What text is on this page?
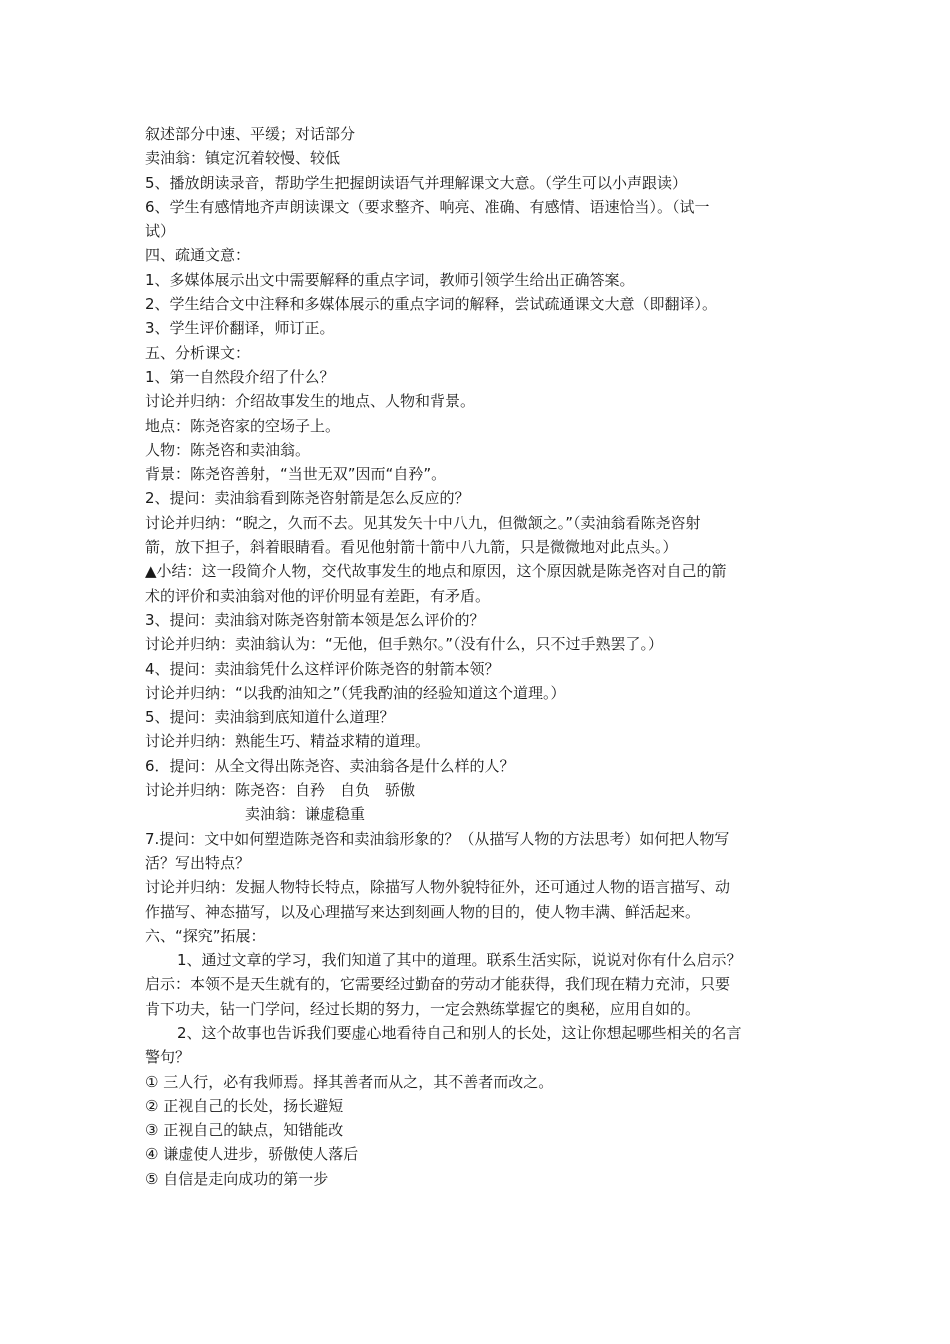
叙述部分中速、平缓；对话部分
卖油翁：镇定沉着较慢、较低
5、播放朗读录音，帮助学生把握朗读语气并理解课文大意。（学生可以小声跟读）
6、学生有感情地齐声朗读课文（要求整齐、响亮、准确、有感情、语速恰当）。（试一
试）
四、疏通文意：
1、多媒体展示出文中需要解释的重点字词，教师引领学生给出正确答案。
2、学生结合文中注释和多媒体展示的重点字词的解释，尝试疏通课文大意（即翻译）。
3、学生评价翻译，师订正。
五、分析课文：
1、第一自然段介绍了什么？
讨论并归纳：介绍故事发生的地点、人物和背景。
地点：陈尧咨家的空场子上。
人物：陈尧咨和卖油翁。
背景：陈尧咨善射，“当世无双”因而“自矜”。
2、提问：卖油翁看到陈尧咨射箭是怎么反应的？
讨论并归纳：“睨之，久而不去。见其发矢十中八九，但微颔之。”（卖油翁看陈尧咨射
箭，放下担子，斜着眼睛看。看见他射箭十箭中八九箭，只是微微地对此点头。）
▲小结：这一段简介人物，交代故事发生的地点和原因，这个原因就是陈尧咨对自己的箭
术的评价和卖油翁对他的评价明显有差距，有矛盾。
3、提问：卖油翁对陈尧咨射箭本领是怎么评价的？
讨论并归纳：卖油翁认为：“无他，但手熟尔。”（没有什么，只不过手熟罢了。）
4、提问：卖油翁凭什么这样评价陈尧咨的射箭本领？
讨论并归纳：“以我酌油知之”（凭我酌油的经验知道这个道理。）
5、提问：卖油翁到底知道什么道理？
讨论并归纳：熟能生巧、精益求精的道理。
6．提问：从全文得出陈尧咨、卖油翁各是什么样的人？
讨论并归纳：陈尧咨：自矜　自负　骄傲
卖油翁：谦虚稳重
7.提问：文中如何塑造陈尧咨和卖油翁形象的？（从描写人物的方法思考）如何把人物写
活？写出特点？
讨论并归纳：发掘人物特长特点，除描写人物外貌特征外，还可通过人物的语言描写、动
作描写、神态描写，以及心理描写来达到刻画人物的目的，使人物丰满、鲜活起来。
六、“探究”拓展：
1、通过文章的学习，我们知道了其中的道理。联系生活实际，说说对你有什么启示？
启示：本领不是天生就有的，它需要经过勤奋的劳动才能获得，我们现在精力充沛，只要
肯下功夫，钻一门学问，经过长期的努力，一定会熟练掌握它的奥秘，应用自如的。
2、这个故事也告诉我们要虚心地看待自己和别人的长处，这让你想起哪些相关的名言
警句？
① 三人行，必有我师焉。择其善者而从之，其不善者而改之。
② 正视自己的长处，扬长避短
③ 正视自己的缺点，知错能改
④ 谦虚使人进步，骄傲使人落后
⑤ 自信是走向成功的第一步
